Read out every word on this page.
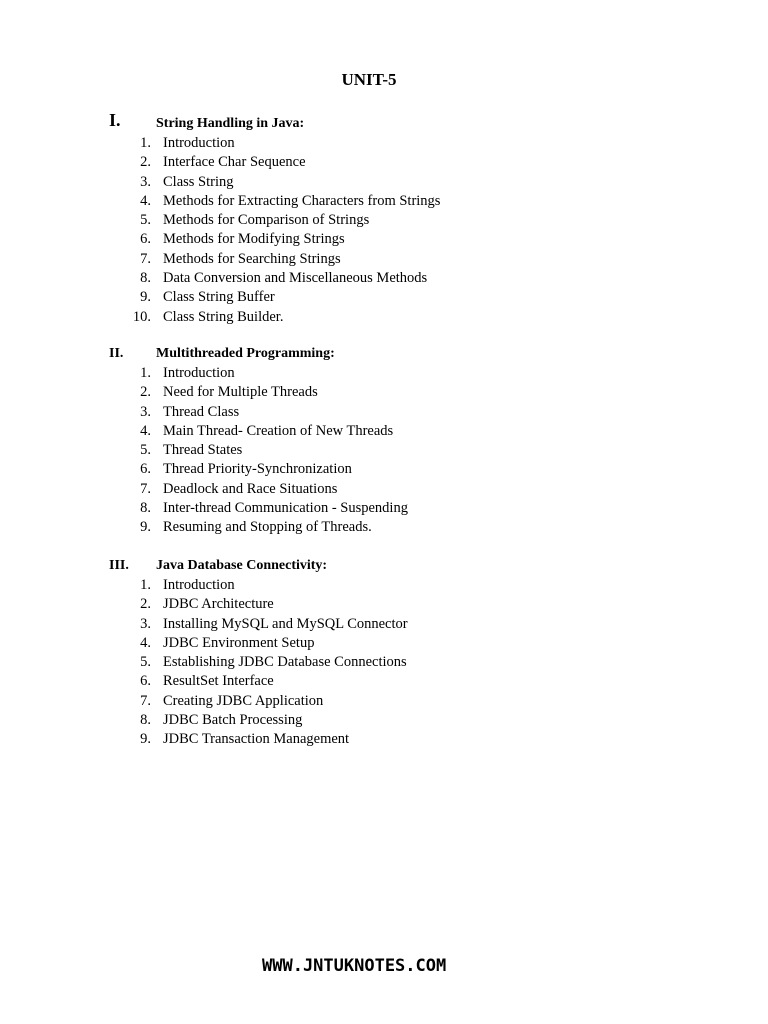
UNIT-5
I.	String Handling in Java:
1. Introduction
2. Interface Char Sequence
3. Class String
4. Methods for Extracting Characters from Strings
5. Methods for Comparison of Strings
6. Methods for Modifying Strings
7. Methods for Searching Strings
8. Data Conversion and Miscellaneous Methods
9. Class String Buffer
10. Class String Builder.
II. Multithreaded Programming:
1. Introduction
2. Need for Multiple Threads
3. Thread Class
4. Main Thread- Creation of New Threads
5. Thread States
6. Thread Priority-Synchronization
7. Deadlock and Race Situations
8. Inter-thread Communication - Suspending
9. Resuming and Stopping of Threads.
III. Java Database Connectivity:
1. Introduction
2. JDBC Architecture
3. Installing MySQL and MySQL Connector
4. JDBC Environment Setup
5. Establishing JDBC Database Connections
6. ResultSet Interface
7. Creating JDBC Application
8. JDBC Batch Processing
9. JDBC Transaction Management
WWW.JNTUKNOTES.COM
